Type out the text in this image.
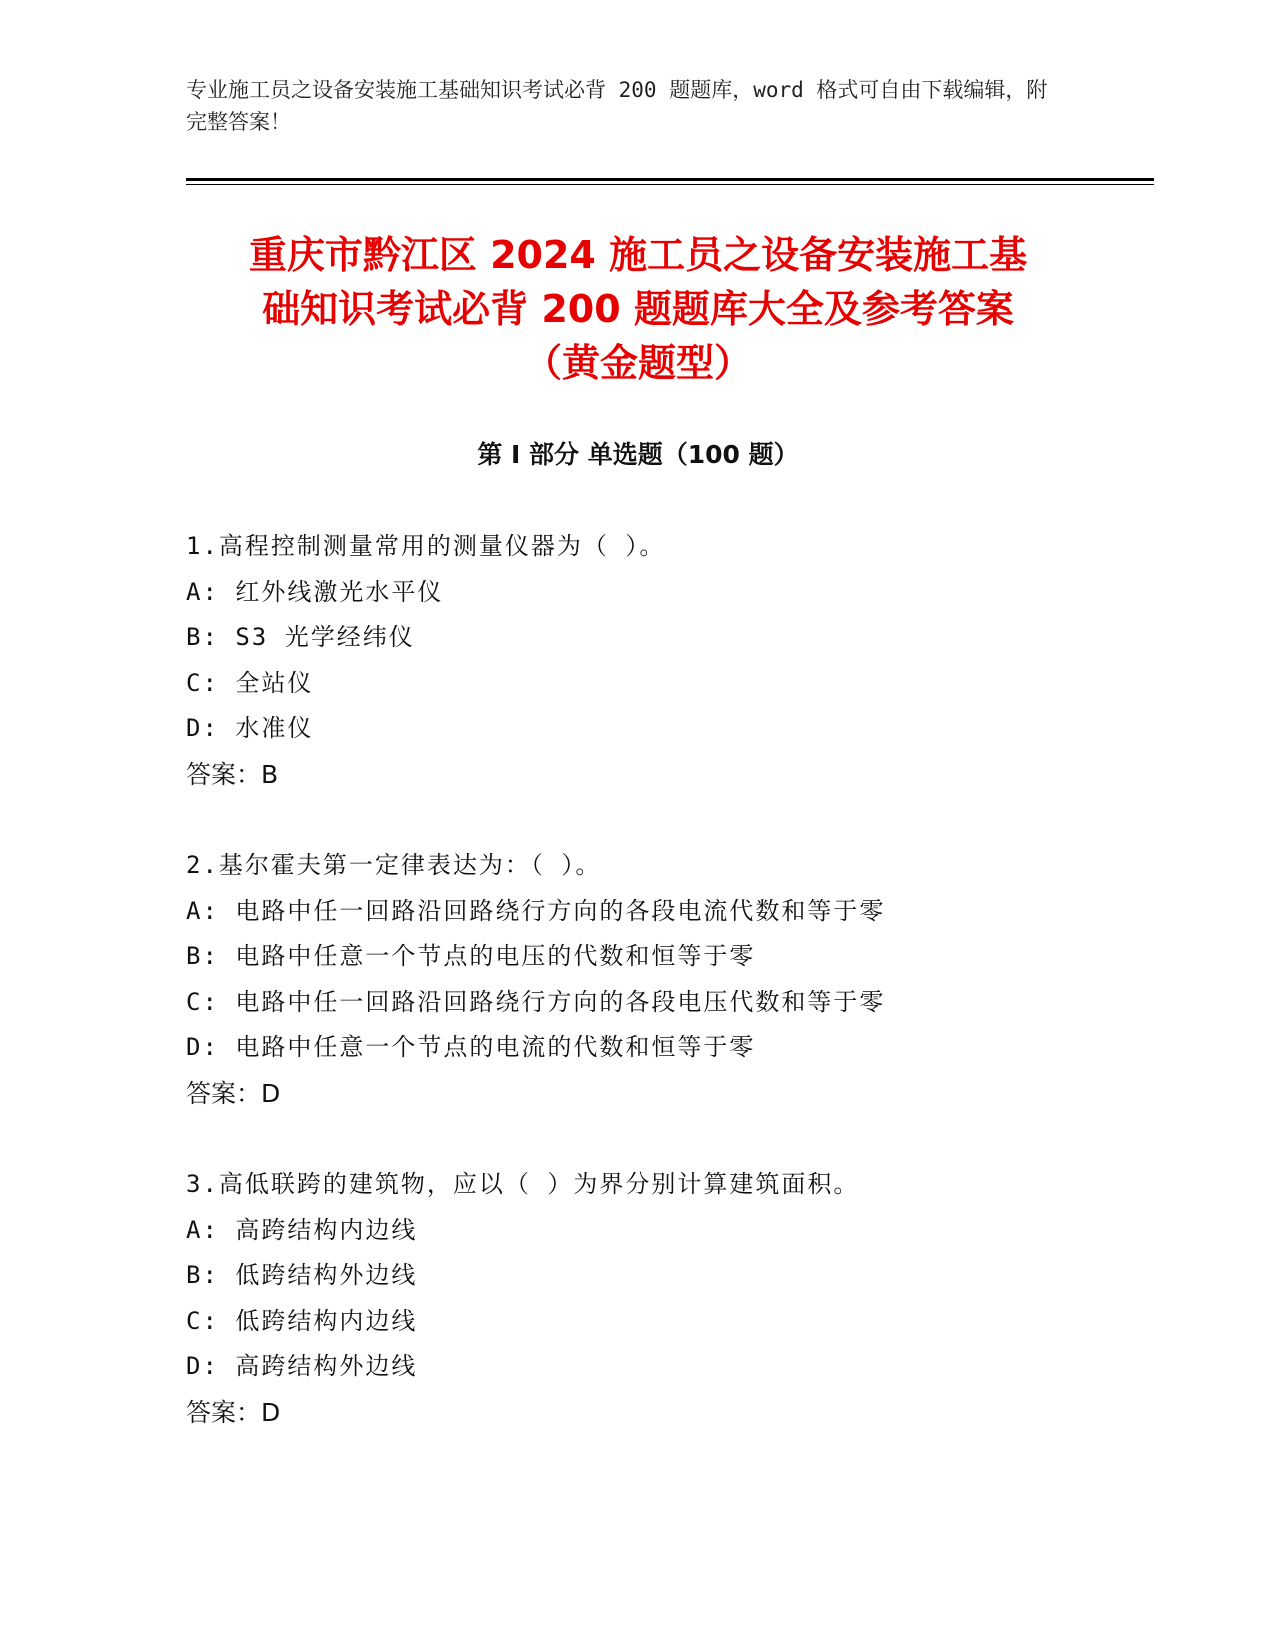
专业施工员之设备安装施工基础知识考试必背 200 题题库，word 格式可自由下载编辑，附完整答案！
重庆市黔江区 2024 施工员之设备安装施工基
础知识考试必背 200 题题库大全及参考答案
（黄金题型）
第 I 部分 单选题（100 题）
1.高程控制测量常用的测量仪器为（ ）。
A: 红外线激光水平仪
B: S3 光学经纬仪
C: 全站仪
D: 水准仪
答案：B
2.基尔霍夫第一定律表达为：（ ）。
A: 电路中任一回路沿回路绕行方向的各段电流代数和等于零
B: 电路中任意一个节点的电压的代数和恒等于零
C: 电路中任一回路沿回路绕行方向的各段电压代数和等于零
D: 电路中任意一个节点的电流的代数和恒等于零
答案：D
3.高低联跨的建筑物，应以（ ）为界分别计算建筑面积。
A: 高跨结构内边线
B: 低跨结构外边线
C: 低跨结构内边线
D: 高跨结构外边线
答案：D
